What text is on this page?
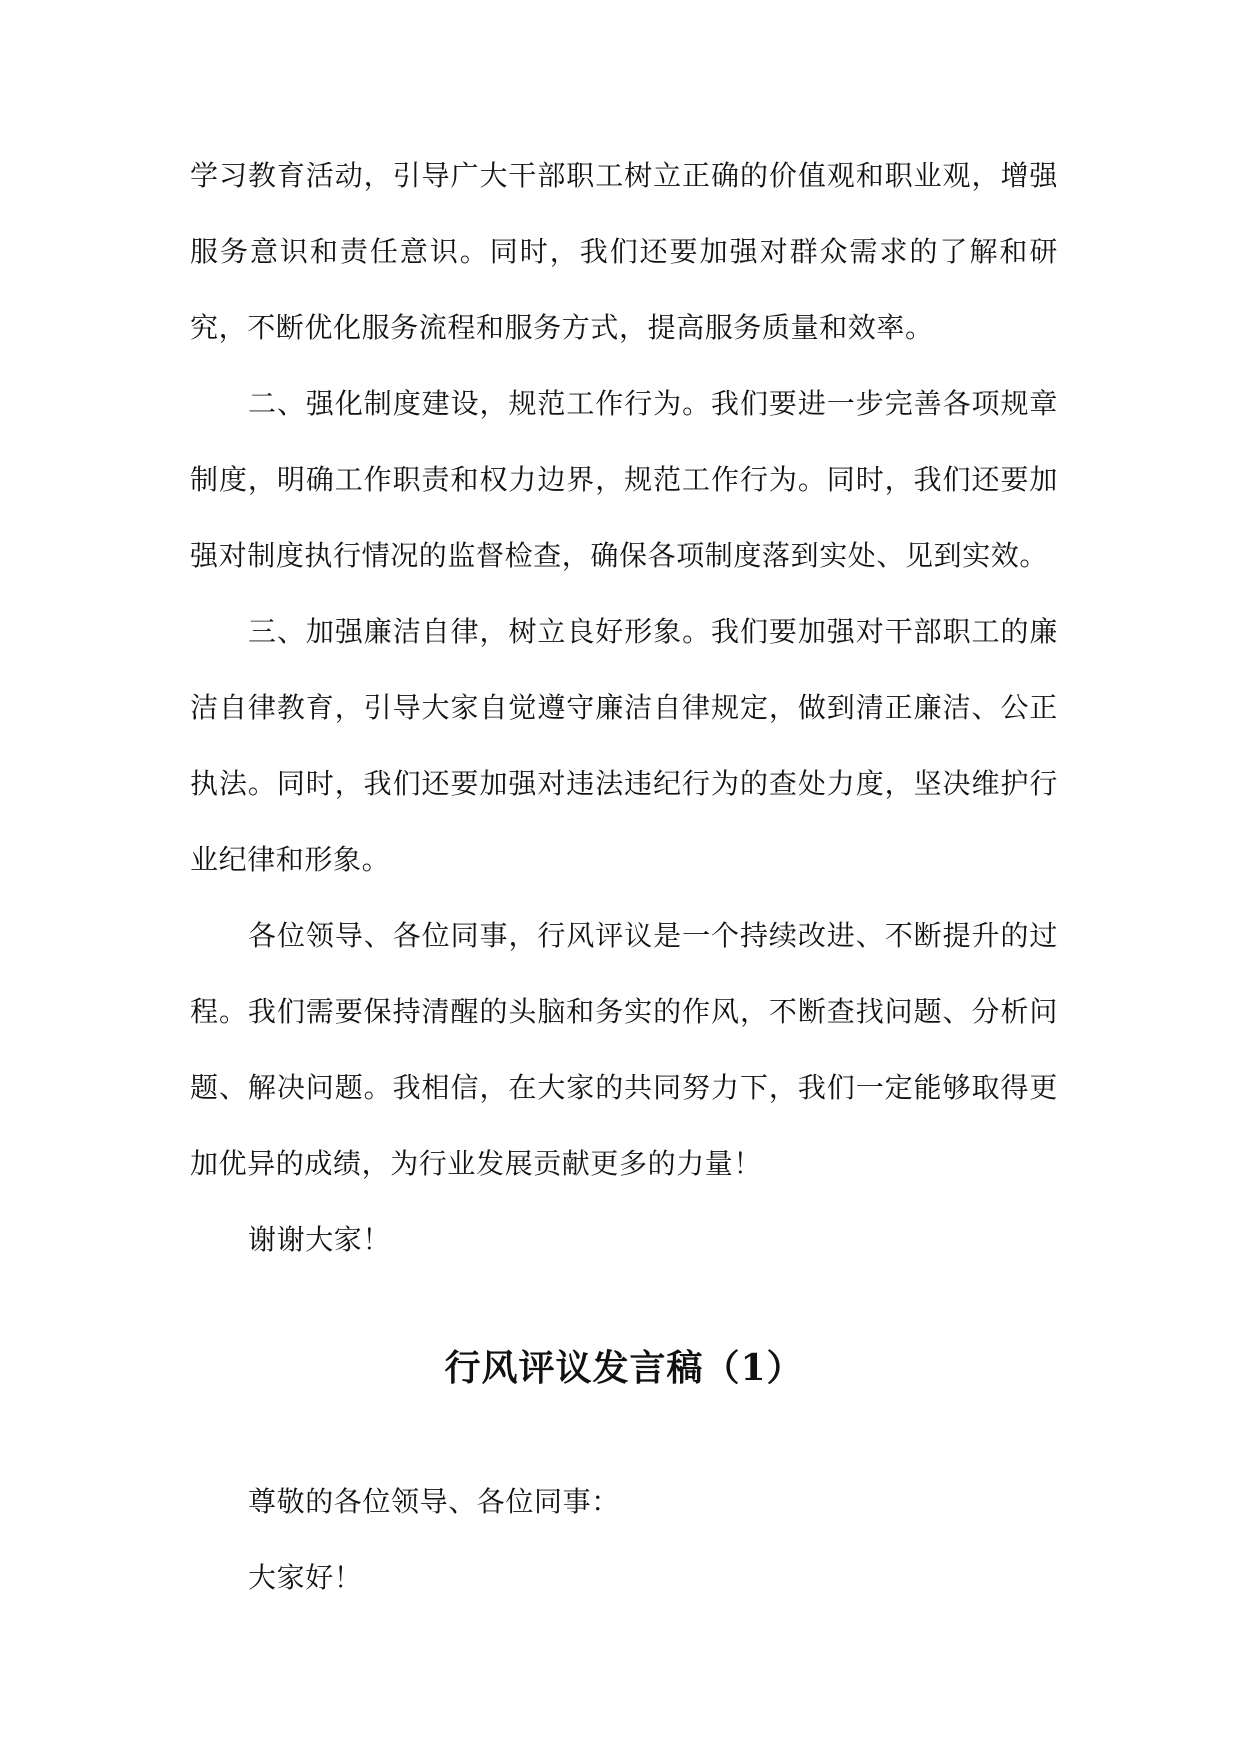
学习教育活动，引导广大干部职工树立正确的价值观和职业观，增强服务意识和责任意识。同时，我们还要加强对群众需求的了解和研究，不断优化服务流程和服务方式，提高服务质量和效率。

二、强化制度建设，规范工作行为。我们要进一步完善各项规章制度，明确工作职责和权力边界，规范工作行为。同时，我们还要加强对制度执行情况的监督检查，确保各项制度落到实处、见到实效。

三、加强廉洁自律，树立良好形象。我们要加强对干部职工的廉洁自律教育，引导大家自觉遵守廉洁自律规定，做到清正廉洁、公正执法。同时，我们还要加强对违法违纪行为的查处力度，坚决维护行业纪律和形象。

各位领导、各位同事，行风评议是一个持续改进、不断提升的过程。我们需要保持清醒的头脑和务实的作风，不断查找问题、分析问题、解决问题。我相信，在大家的共同努力下，我们一定能够取得更加优异的成绩，为行业发展贡献更多的力量！

谢谢大家！

行风评议发言稿（1）

尊敬的各位领导、各位同事：

大家好！
